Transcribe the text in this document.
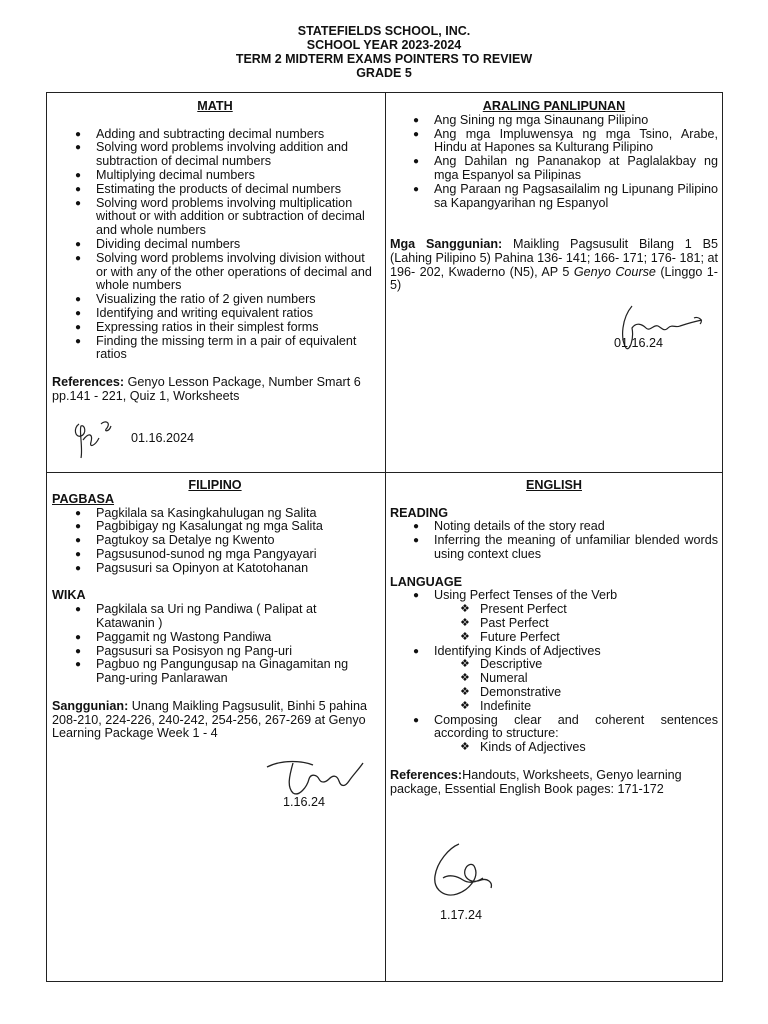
STATEFIELDS SCHOOL, INC.
SCHOOL YEAR 2023-2024
TERM 2 MIDTERM EXAMS POINTERS TO REVIEW
GRADE 5

MATH

● Adding and subtracting decimal numbers
● Solving word problems involving addition and subtraction of decimal numbers
● Multiplying decimal numbers
● Estimating the products of decimal numbers
● Solving word problems involving multiplication without or with addition or subtraction of decimal and whole numbers
● Dividing decimal numbers
● Solving word problems involving division without or with any of the other operations of decimal and whole numbers
● Visualizing the ratio of 2 given numbers
● Identifying and writing equivalent ratios
● Expressing ratios in their simplest forms
● Finding the missing term in a pair of equivalent ratios

References: Genyo Lesson Package, Number Smart 6 pp.141 - 221, Quiz 1, Worksheets

01.16.2024

ARALING PANLIPUNAN

● Ang Sining ng mga Sinaunang Pilipino
● Ang mga Impluwensya ng mga Tsino, Arabe, Hindu at Hapones sa Kulturang Pilipino
● Ang Dahilan ng Pananakop at Paglalakbay ng mga Espanyol sa Pilipinas
● Ang Paraan ng Pagsasailalim ng Lipunang Pilipino sa Kapangyarihan ng Espanyol

Mga Sanggunian: Maikling Pagsusulit Bilang 1 B5 (Lahing Pilipino 5) Pahina 136- 141; 166- 171; 176- 181; at 196- 202, Kwaderno (N5), AP 5 Genyo Course (Linggo 1-5)

01.16.24

FILIPINO

PAGBASA

● Pagkilala sa Kasingkahulugan ng Salita
● Pagbibigay ng Kasalungat ng mga Salita
● Pagtukoy sa Detalye ng Kwento
● Pagsusunod-sunod ng mga Pangyayari
● Pagsusuri sa Opinyon at Katotohanan

WIKA

● Pagkilala sa Uri ng Pandiwa ( Palipat at Katawanin )
● Paggamit ng Wastong Pandiwa
● Pagsusuri sa Posisyon ng Pang-uri
● Pagbuo ng Pangungusap na Ginagamitan ng Pang-uring Panlarawan

Sanggunian: Unang Maikling Pagsusulit, Binhi 5 pahina 208-210, 224-226, 240-242, 254-256, 267-269 at Genyo Learning Package Week 1 - 4

1.16.24

ENGLISH

READING

● Noting details of the story read
● Inferring the meaning of unfamiliar blended words using context clues

LANGUAGE

● Using Perfect Tenses of the Verb
❖ Present Perfect
❖ Past Perfect
❖ Future Perfect
● Identifying Kinds of Adjectives
❖ Descriptive
❖ Numeral
❖ Demonstrative
❖ Indefinite
● Composing clear and coherent sentences according to structure:
❖ Kinds of Adjectives

References:Handouts, Worksheets, Genyo learning package, Essential English Book pages: 171-172

1.17.24
